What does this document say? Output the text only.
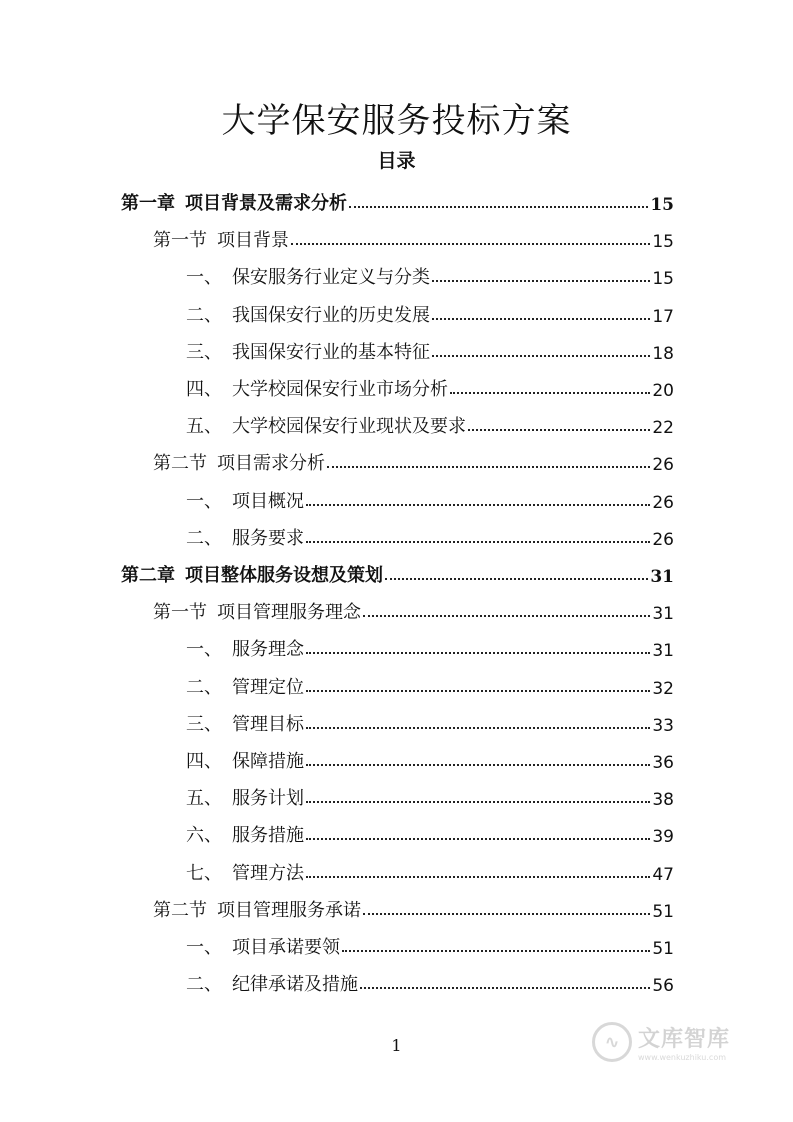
大学保安服务投标方案
目录
第一章 项目背景及需求分析	15
第一节 项目背景	15
一、 保安服务行业定义与分类	15
二、 我国保安行业的历史发展	17
三、 我国保安行业的基本特征	18
四、 大学校园保安行业市场分析	20
五、 大学校园保安行业现状及要求	22
第二节 项目需求分析	26
一、 项目概况	26
二、 服务要求	26
第二章 项目整体服务设想及策划	31
第一节 项目管理服务理念	31
一、 服务理念	31
二、 管理定位	32
三、 管理目标	33
四、 保障措施	36
五、 服务计划	38
六、 服务措施	39
七、 管理方法	47
第二节 项目管理服务承诺	51
一、 项目承诺要领	51
二、 纪律承诺及措施	56
1	∿ 文库智库
www.wenkuzhiku.com
